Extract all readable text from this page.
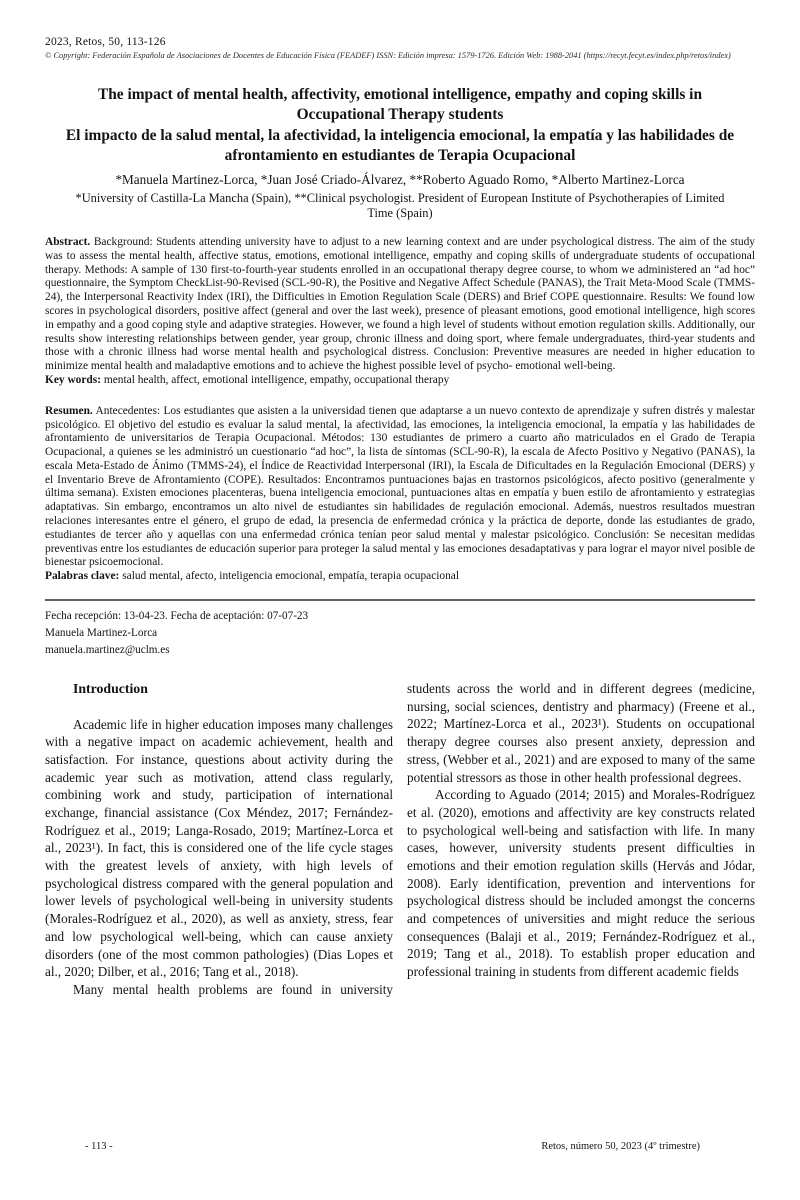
2023, Retos, 50, 113-126
© Copyright: Federación Española de Asociaciones de Docentes de Educación Física (FEADEF) ISSN: Edición impresa: 1579-1726. Edición Web: 1988-2041 (https://recyt.fecyt.es/index.php/retos/index)
The impact of mental health, affectivity, emotional intelligence, empathy and coping skills in Occupational Therapy students
El impacto de la salud mental, la afectividad, la inteligencia emocional, la empatía y las habilidades de afrontamiento en estudiantes de Terapia Ocupacional
*Manuela Martinez-Lorca, *Juan José Criado-Álvarez, **Roberto Aguado Romo, *Alberto Martinez-Lorca
*University of Castilla-La Mancha (Spain), **Clinical psychologist. President of European Institute of Psychotherapies of Limited Time (Spain)

Abstract. Background: Students attending university have to adjust to a new learning context and are under psychological distress. The aim of the study was to assess the mental health, affective status, emotions, emotional intelligence, empathy and coping skills of undergraduate students of occupational therapy. Methods: A sample of 130 first-to-fourth-year students enrolled in an occupational therapy degree course, to whom we administered an “ad hoc” questionnaire, the Symptom CheckList-90-Revised (SCL-90-R), the Positive and Negative Affect Schedule (PANAS), the Trait Meta-Mood Scale (TMMS-24), the Interpersonal Reactivity Index (IRI), the Difficulties in Emotion Regulation Scale (DERS) and Brief COPE questionnaire. Results: We found low scores in psychological disorders, positive affect (general and over the last week), presence of pleasant emotions, good emotional intelligence, high scores in empathy and a good coping style and adaptive strategies. However, we found a high level of students without emotion regulation skills. Additionally, our results show interesting relationships between gender, year group, chronic illness and doing sport, where female undergraduates, third-year students and those with a chronic illness had worse mental health and psychological distress. Conclusion: Preventive measures are needed in higher education to minimize mental health and maladaptive emotions and to achieve the highest possible level of psycho- emotional well-being.

Key words: mental health, affect, emotional intelligence, empathy, occupational therapy

Resumen. Antecedentes: Los estudiantes que asisten a la universidad tienen que adaptarse a un nuevo contexto de aprendizaje y sufren distrés y malestar psicológico. El objetivo del estudio es evaluar la salud mental, la afectividad, las emociones, la inteligencia emocional, la empatía y las habilidades de afrontamiento de universitarios de Terapia Ocupacional. Métodos: 130 estudiantes de primero a cuarto año matriculados en el Grado de Terapia Ocupacional, a quienes se les administró un cuestionario “ad hoc”, la lista de síntomas (SCL-90-R), la escala de Afecto Positivo y Negativo (PANAS), la escala Meta-Estado de Ánimo (TMMS-24), el Índice de Reactividad Interpersonal (IRI), la Escala de Dificultades en la Regulación Emocional (DERS) y el Inventario Breve de Afrontamiento (COPE). Resultados: Encontramos puntuaciones bajas en trastornos psicológicos, afecto positivo (generalmente y última semana). Existen emociones placenteras, buena inteligencia emocional, puntuaciones altas en empatía y buen estilo de afrontamiento y estrategias adaptativas. Sin embargo, encontramos un alto nivel de estudiantes sin habilidades de regulación emocional. Además, nuestros resultados muestran relaciones interesantes entre el género, el grupo de edad, la presencia de enfermedad crónica y la práctica de deporte, donde las estudiantes de grado, estudiantes de tercer año y aquellas con una enfermedad crónica tenían peor salud mental y malestar psicológico. Conclusión: Se necesitan medidas preventivas entre los estudiantes de educación superior para proteger la salud mental y las emociones desadaptativas y para lograr el mayor nivel posible de bienestar psicoemocional.

Palabras clave: salud mental, afecto, inteligencia emocional, empatía, terapia ocupacional

Fecha recepción: 13-04-23. Fecha de aceptación: 07-07-23
Manuela Martinez-Lorca
manuela.martinez@uclm.es
Introduction

Academic life in higher education imposes many challenges with a negative impact on academic achievement, health and satisfaction. For instance, questions about activity during the academic year such as motivation, attend class regularly, combining work and study, participation of international exchange, financial assistance (Cox Méndez, 2017; Fernández-Rodríguez et al., 2019; Langa-Rosado, 2019; Martínez-Lorca et al., 2023¹). In fact, this is considered one of the life cycle stages with the greatest levels of anxiety, with high levels of psychological distress compared with the general population and lower levels of psychological well-being in university students (Morales-Rodríguez et al., 2020), as well as anxiety, stress, fear and low psychological well-being, which can cause anxiety disorders (one of the most common pathologies) (Dias Lopes et al., 2020; Dilber, et al., 2016; Tang et al., 2018).

Many mental health problems are found in university

students across the world and in different degrees (medicine, nursing, social sciences, dentistry and pharmacy) (Freene et al., 2022; Martínez-Lorca et al., 2023¹). Students on occupational therapy degree courses also present anxiety, depression and stress, (Webber et al., 2021) and are exposed to many of the same potential stressors as those in other health professional degrees.

According to Aguado (2014; 2015) and Morales-Rodríguez et al. (2020), emotions and affectivity are key constructs related to psychological well-being and satisfaction with life. In many cases, however, university students present difficulties in emotions and their emotion regulation skills (Hervás and Jódar, 2008). Early identification, prevention and interventions for psychological distress should be included amongst the concerns and competences of universities and might reduce the serious consequences (Balaji et al., 2019; Fernández-Rodríguez et al., 2019; Tang et al., 2018). To establish proper education and professional training in students from different academic fields

- 113 -	Retos, número 50, 2023 (4º trimestre)
